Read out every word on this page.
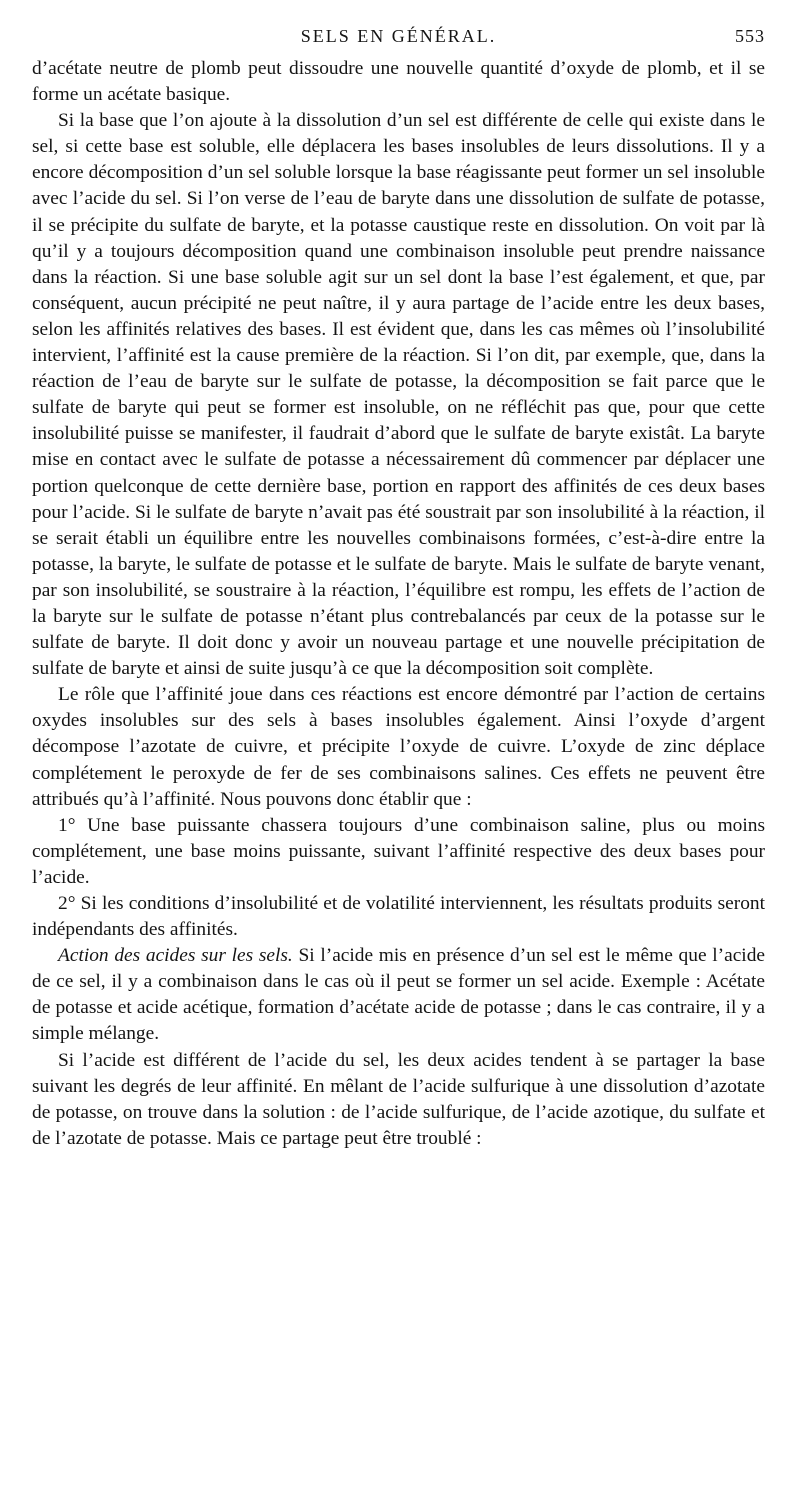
SELS EN GÉNÉRAL.	553

d’acétate neutre de plomb peut dissoudre une nouvelle quantité d’oxyde de plomb, et il se forme un acétate basique.

Si la base que l’on ajoute à la dissolution d’un sel est différente de celle qui existe dans le sel, si cette base est soluble, elle déplacera les bases insolubles de leurs dissolutions. Il y a encore décomposition d’un sel soluble lorsque la base réagissante peut former un sel insoluble avec l’acide du sel. Si l’on verse de l’eau de baryte dans une dissolution de sulfate de potasse, il se précipite du sulfate de baryte, et la potasse caustique reste en dissolution. On voit par là qu’il y a toujours décomposition quand une combinaison insoluble peut prendre naissance dans la réaction. Si une base soluble agit sur un sel dont la base l’est également, et que, par conséquent, aucun précipité ne peut naître, il y aura partage de l’acide entre les deux bases, selon les affinités relatives des bases. Il est évident que, dans les cas mêmes où l’insolubilité intervient, l’affinité est la cause première de la réaction. Si l’on dit, par exemple, que, dans la réaction de l’eau de baryte sur le sulfate de potasse, la décomposition se fait parce que le sulfate de baryte qui peut se former est insoluble, on ne réfléchit pas que, pour que cette insolubilité puisse se manifester, il faudrait d’abord que le sulfate de baryte existât. La baryte mise en contact avec le sulfate de potasse a nécessairement dû commencer par déplacer une portion quelconque de cette dernière base, portion en rapport des affinités de ces deux bases pour l’acide. Si le sulfate de baryte n’avait pas été soustrait par son insolubilité à la réaction, il se serait établi un équilibre entre les nouvelles combinaisons formées, c’est-à-dire entre la potasse, la baryte, le sulfate de potasse et le sulfate de baryte. Mais le sulfate de baryte venant, par son insolubilité, se soustraire à la réaction, l’équilibre est rompu, les effets de l’action de la baryte sur le sulfate de potasse n’étant plus contrebalancés par ceux de la potasse sur le sulfate de baryte. Il doit donc y avoir un nouveau partage et une nouvelle précipitation de sulfate de baryte et ainsi de suite jusqu’à ce que la décomposition soit complète.

Le rôle que l’affinité joue dans ces réactions est encore démontré par l’action de certains oxydes insolubles sur des sels à bases insolubles également. Ainsi l’oxyde d’argent décompose l’azotate de cuivre, et précipite l’oxyde de cuivre. L’oxyde de zinc déplace complétement le peroxyde de fer de ses combinaisons salines. Ces effets ne peuvent être attribués qu’à l’affinité. Nous pouvons donc établir que :

1° Une base puissante chassera toujours d’une combinaison saline, plus ou moins complétement, une base moins puissante, suivant l’affinité respective des deux bases pour l’acide.

2° Si les conditions d’insolubilité et de volatilité interviennent, les résultats produits seront indépendants des affinités.

Action des acides sur les sels. Si l’acide mis en présence d’un sel est le même que l’acide de ce sel, il y a combinaison dans le cas où il peut se former un sel acide. Exemple : Acétate de potasse et acide acétique, formation d’acétate acide de potasse ; dans le cas contraire, il y a simple mélange.

Si l’acide est différent de l’acide du sel, les deux acides tendent à se partager la base suivant les degrés de leur affinité. En mêlant de l’acide sulfurique à une dissolution d’azotate de potasse, on trouve dans la solution : de l’acide sulfurique, de l’acide azotique, du sulfate et de l’azotate de potasse. Mais ce partage peut être troublé :
